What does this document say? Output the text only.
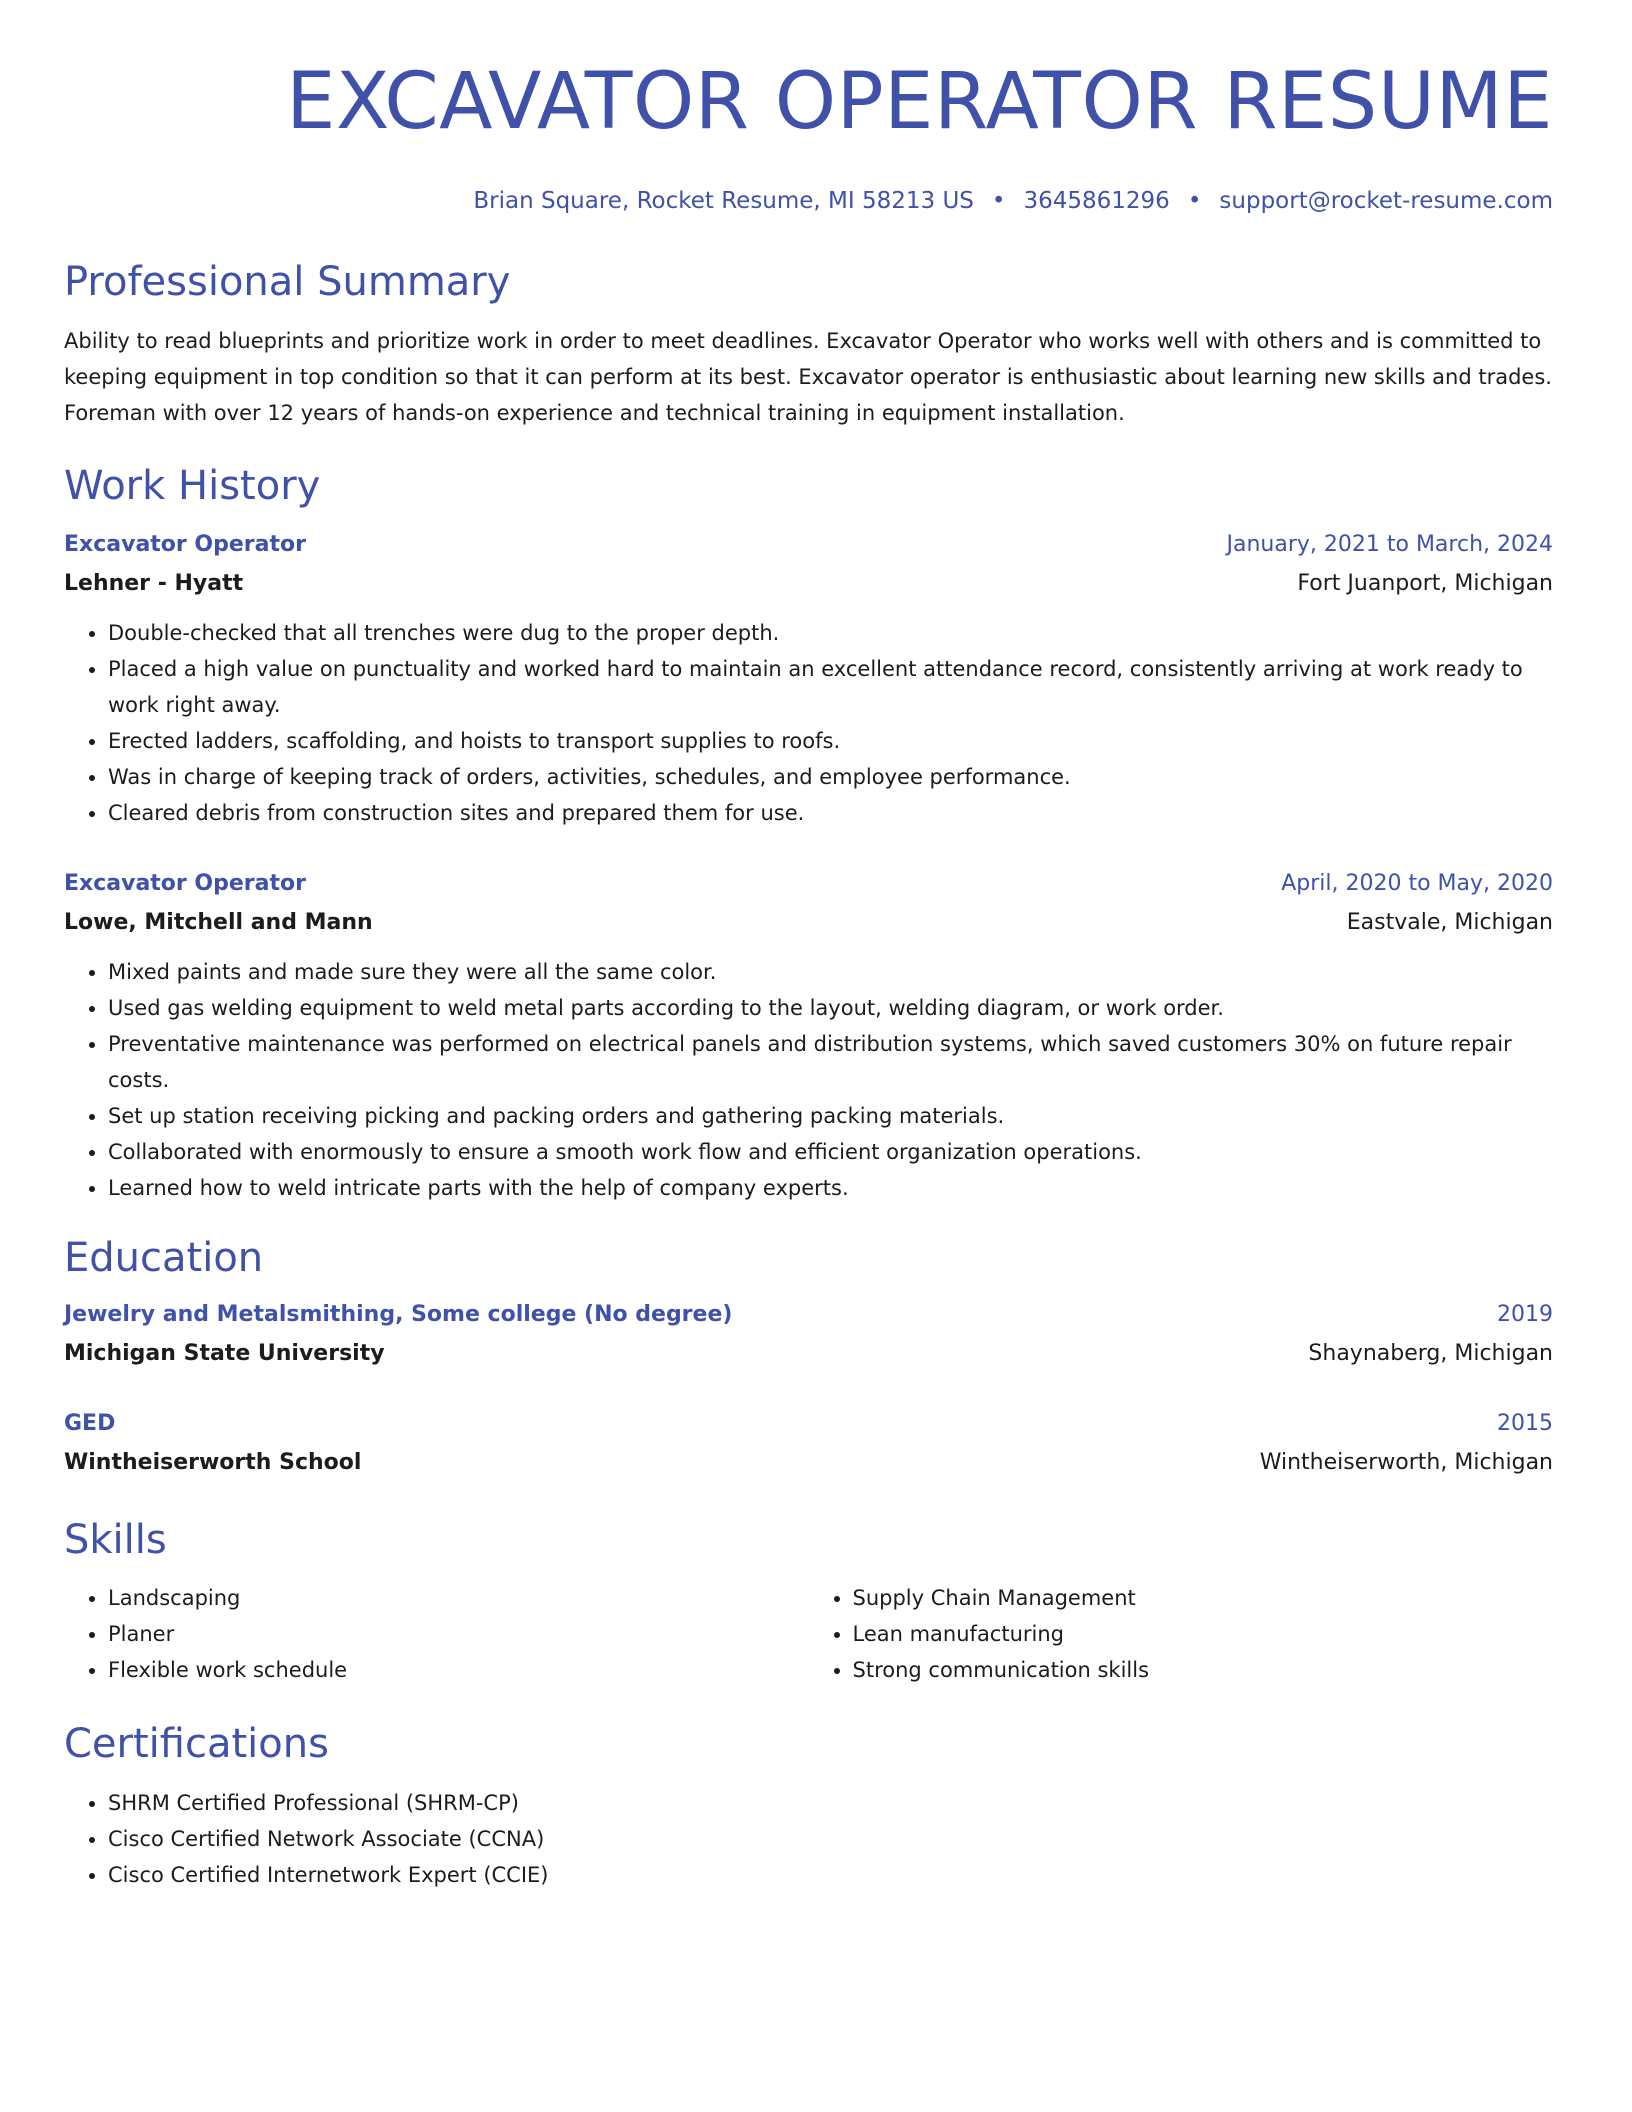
EXCAVATOR OPERATOR RESUME
Brian Square, Rocket Resume, MI 58213 US • 3645861296 • support@rocket-resume.com
Professional Summary
Ability to read blueprints and prioritize work in order to meet deadlines. Excavator Operator who works well with others and is committed to keeping equipment in top condition so that it can perform at its best. Excavator operator is enthusiastic about learning new skills and trades. Foreman with over 12 years of hands-on experience and technical training in equipment installation.
Work History
Excavator Operator	January, 2021 to March, 2024
Lehner - Hyatt	Fort Juanport, Michigan
• Double-checked that all trenches were dug to the proper depth.
• Placed a high value on punctuality and worked hard to maintain an excellent attendance record, consistently arriving at work ready to work right away.
• Erected ladders, scaffolding, and hoists to transport supplies to roofs.
• Was in charge of keeping track of orders, activities, schedules, and employee performance.
• Cleared debris from construction sites and prepared them for use.
Excavator Operator	April, 2020 to May, 2020
Lowe, Mitchell and Mann	Eastvale, Michigan
• Mixed paints and made sure they were all the same color.
• Used gas welding equipment to weld metal parts according to the layout, welding diagram, or work order.
• Preventative maintenance was performed on electrical panels and distribution systems, which saved customers 30% on future repair costs.
• Set up station receiving picking and packing orders and gathering packing materials.
• Collaborated with enormously to ensure a smooth work flow and efficient organization operations.
• Learned how to weld intricate parts with the help of company experts.
Education
Jewelry and Metalsmithing, Some college (No degree)	2019
Michigan State University	Shaynaberg, Michigan
GED	2015
Wintheiserworth School	Wintheiserworth, Michigan
Skills
• Landscaping
• Planer
• Flexible work schedule
• Supply Chain Management
• Lean manufacturing
• Strong communication skills
Certifications
• SHRM Certified Professional (SHRM-CP)
• Cisco Certified Network Associate (CCNA)
• Cisco Certified Internetwork Expert (CCIE)
